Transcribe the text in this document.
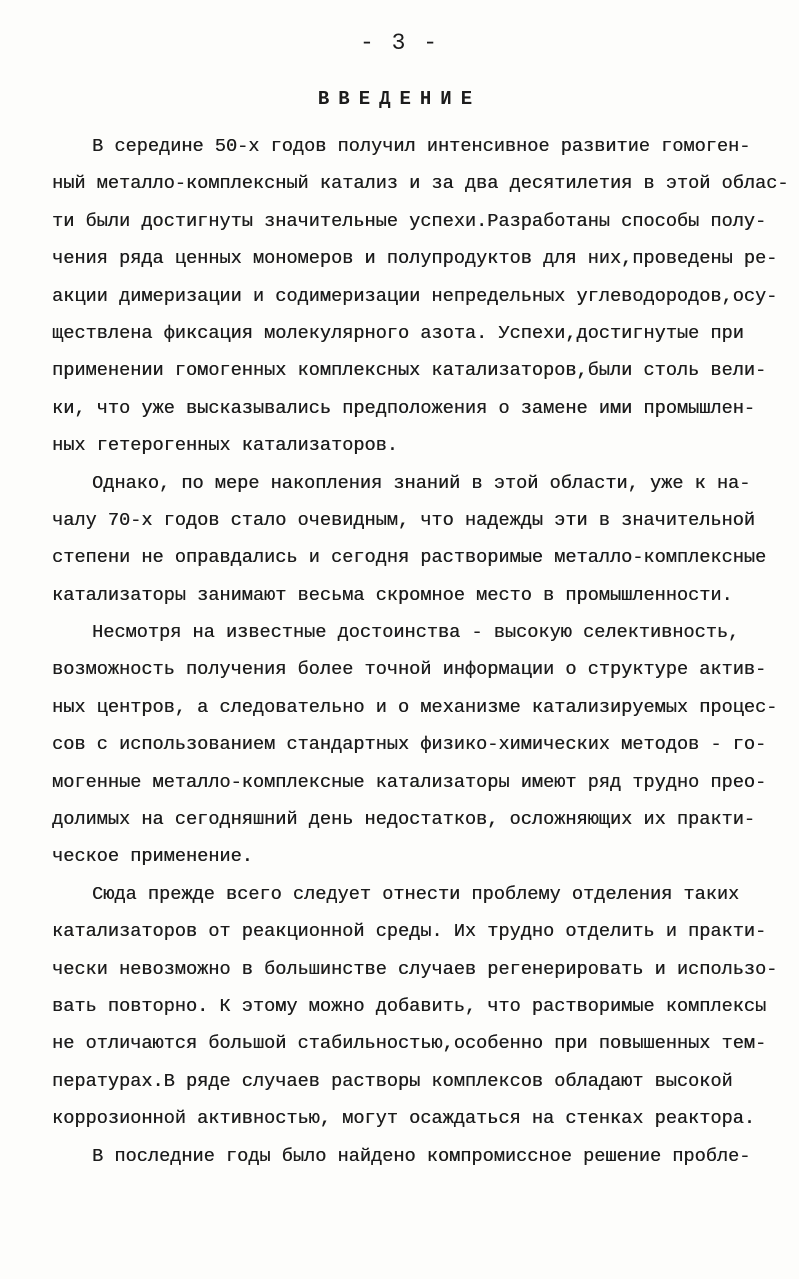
- 3 -
ВВЕДЕНИЕ
В середине 50-х годов получил интенсивное развитие гомоген-
ный металло-комплексный катализ и за два десятилетия в этой облас-
ти были достигнуты значительные успехи.Разработаны способы полу-
чения ряда ценных мономеров и полупродуктов для них,проведены ре-
акции димеризации и содимеризации непредельных углеводородов,осу-
ществлена фиксация молекулярного азота. Успехи,достигнутые при
применении гомогенных комплексных катализаторов,были столь вели-
ки, что уже высказывались предположения о замене ими промышлен-
ных гетерогенных катализаторов.
Однако, по мере накопления знаний в этой области, уже к на-
чалу 70-х годов стало очевидным, что надежды эти в значительной
степени не оправдались и сегодня растворимые металло-комплексные
катализаторы занимают весьма скромное место в промышленности.
Несмотря на известные достоинства - высокую селективность,
возможность получения более точной информации о структуре актив-
ных центров, а следовательно и о механизме катализируемых процес-
сов с использованием стандартных физико-химических методов - го-
могенные металло-комплексные катализаторы имеют ряд трудно прео-
долимых на сегодняшний день недостатков, осложняющих их практи-
ческое применение.
Сюда прежде всего следует отнести проблему отделения таких
катализаторов от реакционной среды. Их трудно отделить и практи-
чески невозможно в большинстве случаев регенерировать и использо-
вать повторно. К этому можно добавить, что растворимые комплексы
не отличаются большой стабильностью,особенно при повышенных тем-
пературах.В ряде случаев растворы комплексов обладают высокой
коррозионной активностью, могут осаждаться на стенках реактора.
В последние годы было найдено компромиссное решение пробле-
